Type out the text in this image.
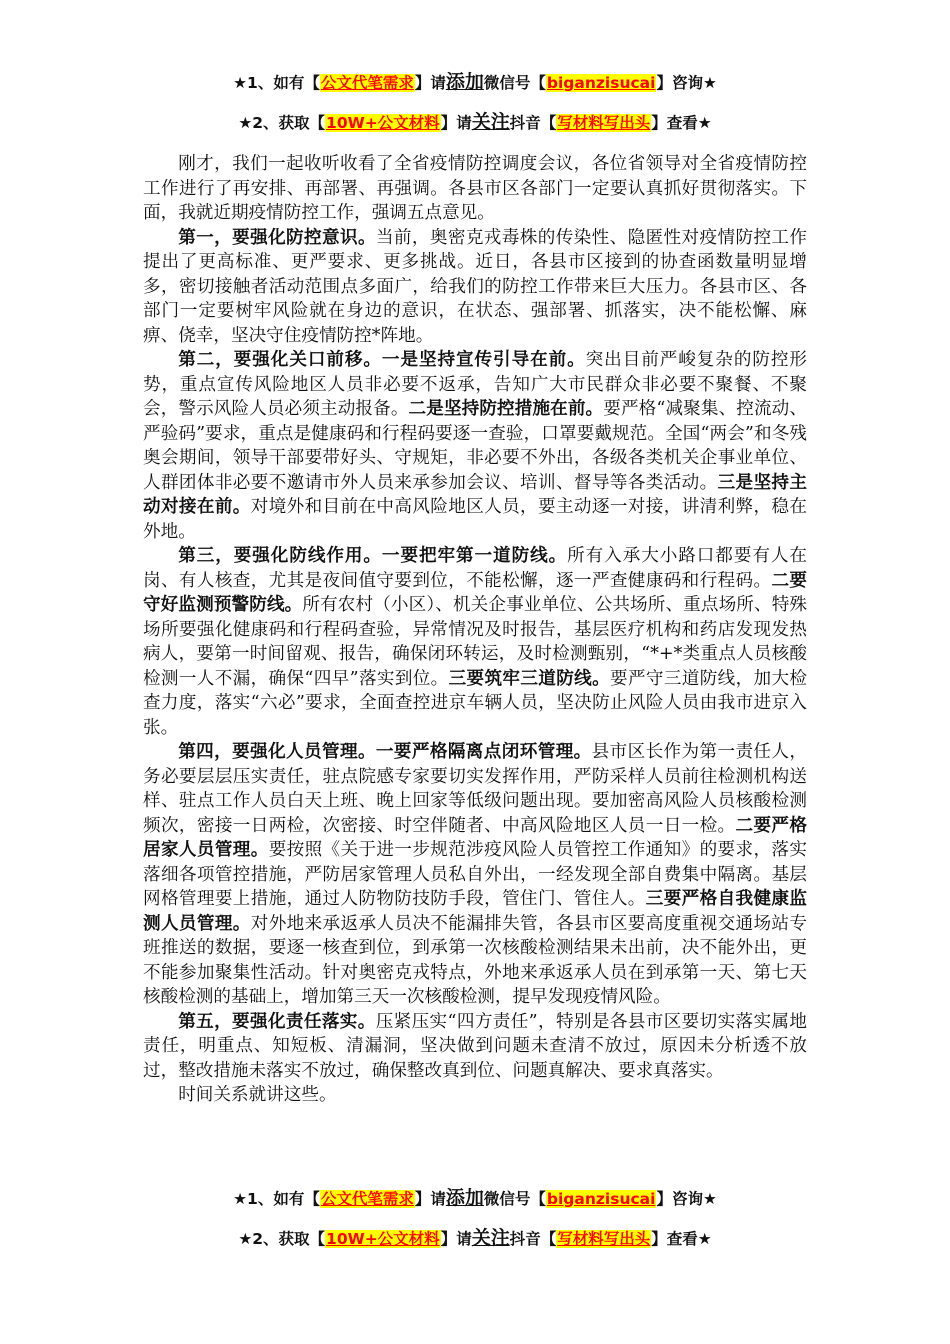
★1、如有【公文代笔需求】请添加微信号【biganzisucai】咨询★
★2、获取【10W+公文材料】请关注抖音【写材料写出头】查看★

刚才，我们一起收听收看了全省疫情防控调度会议，各位省领导对全省疫情防控工作进行了再安排、再部署、再强调。各县市区各部门一定要认真抓好贯彻落实。下面，我就近期疫情防控工作，强调五点意见。

第一，要强化防控意识。当前，奥密克戎毒株的传染性、隐匿性对疫情防控工作提出了更高标准、更严要求、更多挑战。近日，各县市区接到的协查函数量明显增多，密切接触者活动范围点多面广，给我们的防控工作带来巨大压力。各县市区、各部门一定要树牢风险就在身边的意识，在状态、强部署、抓落实，决不能松懈、麻痹、侥幸，坚决守住疫情防控*阵地。

第二，要强化关口前移。一是坚持宣传引导在前。突出目前严峻复杂的防控形势，重点宣传风险地区人员非必要不返承，告知广大市民群众非必要不聚餐、不聚会，警示风险人员必须主动报备。二是坚持防控措施在前。要严格“减聚集、控流动、严验码”要求，重点是健康码和行程码要逐一查验，口罩要戴规范。全国“两会”和冬残奥会期间，领导干部要带好头、守规矩，非必要不外出，各级各类机关企事业单位、人群团体非必要不邀请市外人员来承参加会议、培训、督导等各类活动。三是坚持主动对接在前。对境外和目前在中高风险地区人员，要主动逐一对接，讲清利弊，稳在外地。

第三，要强化防线作用。一要把牢第一道防线。所有入承大小路口都要有人在岗、有人核查，尤其是夜间值守要到位，不能松懈，逐一严查健康码和行程码。二要守好监测预警防线。所有农村（小区）、机关企事业单位、公共场所、重点场所、特殊场所要强化健康码和行程码查验，异常情况及时报告，基层医疗机构和药店发现发热病人，要第一时间留观、报告，确保闭环转运，及时检测甄别，“*+*类重点人员核酸检测一人不漏，确保“四早”落实到位。三要筑牢三道防线。要严守三道防线，加大检查力度，落实“六必”要求，全面查控进京车辆人员，坚决防止风险人员由我市进京入张。

第四，要强化人员管理。一要严格隔离点闭环管理。县市区长作为第一责任人，务必要层层压实责任，驻点院感专家要切实发挥作用，严防采样人员前往检测机构送样、驻点工作人员白天上班、晚上回家等低级问题出现。要加密高风险人员核酸检测频次，密接一日两检，次密接、时空伴随者、中高风险地区人员一日一检。二要严格居家人员管理。要按照《关于进一步规范涉疫风险人员管控工作通知》的要求，落实落细各项管控措施，严防居家管理人员私自外出，一经发现全部自费集中隔离。基层网格管理要上措施，通过人防物防技防手段，管住门、管住人。三要严格自我健康监测人员管理。对外地来承返承人员决不能漏排失管，各县市区要高度重视交通场站专班推送的数据，要逐一核查到位，到承第一次核酸检测结果未出前，决不能外出，更不能参加聚集性活动。针对奥密克戎特点，外地来承返承人员在到承第一天、第七天核酸检测的基础上，增加第三天一次核酸检测，提早发现疫情风险。

第五，要强化责任落实。压紧压实“四方责任”，特别是各县市区要切实落实属地责任，明重点、知短板、清漏洞，坚决做到问题未查清不放过，原因未分析透不放过，整改措施未落实不放过，确保整改真到位、问题真解决、要求真落实。

时间关系就讲这些。

★1、如有【公文代笔需求】请添加微信号【biganzisucai】咨询★
★2、获取【10W+公文材料】请关注抖音【写材料写出头】查看★
